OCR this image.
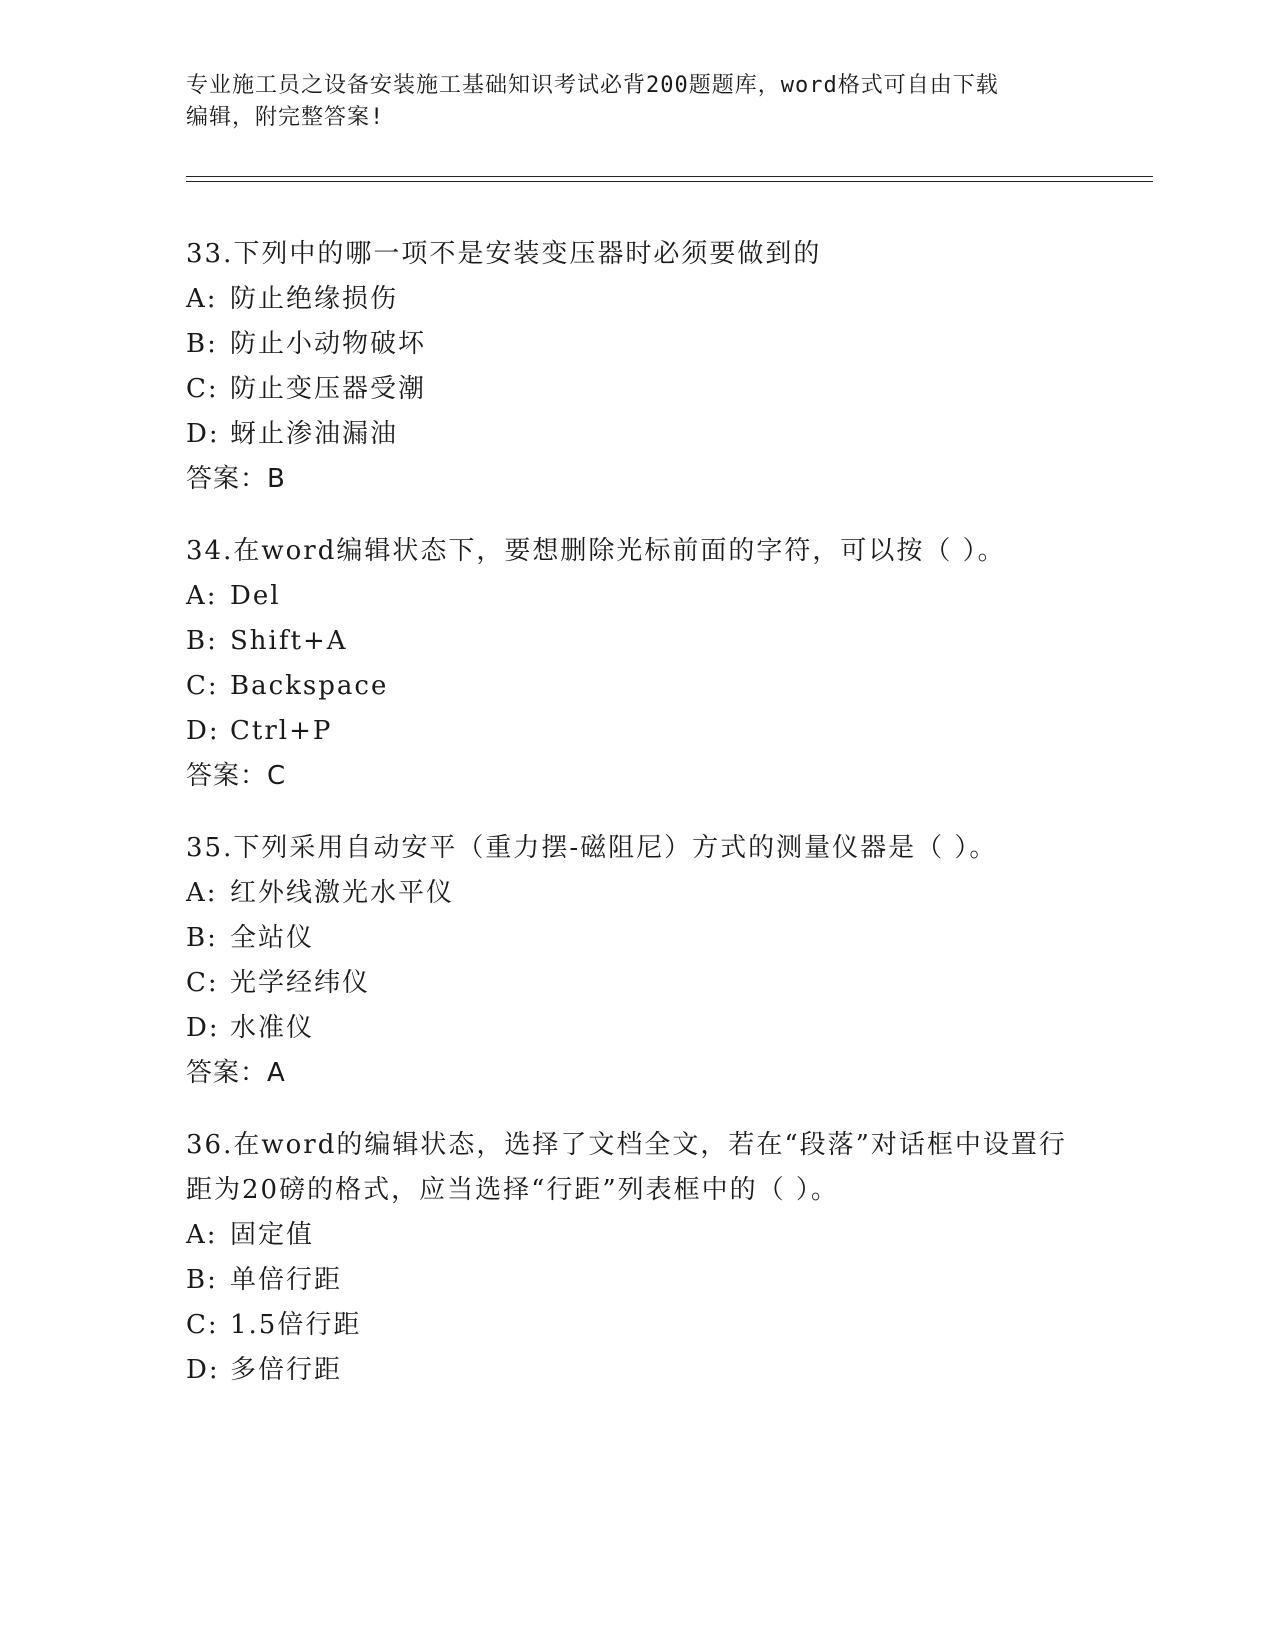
专业施工员之设备安装施工基础知识考试必背200题题库，word格式可自由下载
编辑，附完整答案!
33.下列中的哪一项不是安装变压器时必须要做到的
A: 防止绝缘损伤
B: 防止小动物破坏
C: 防止变压器受潮
D: 蚜止渗油漏油
答案：B
34.在word编辑状态下，要想删除光标前面的字符，可以按（ ）。
A: Del
B: Shift+A
C: Backspace
D: Ctrl+P
答案：C
35.下列采用自动安平（重力摆-磁阻尼）方式的测量仪器是（ ）。
A: 红外线激光水平仪
B: 全站仪
C: 光学经纬仪
D: 水准仪
答案：A
36.在word的编辑状态，选择了文档全文，若在“段落”对话框中设置行距为20磅的格式，应当选择“行距”列表框中的（ ）。
A: 固定值
B: 单倍行距
C: 1.5倍行距
D: 多倍行距
